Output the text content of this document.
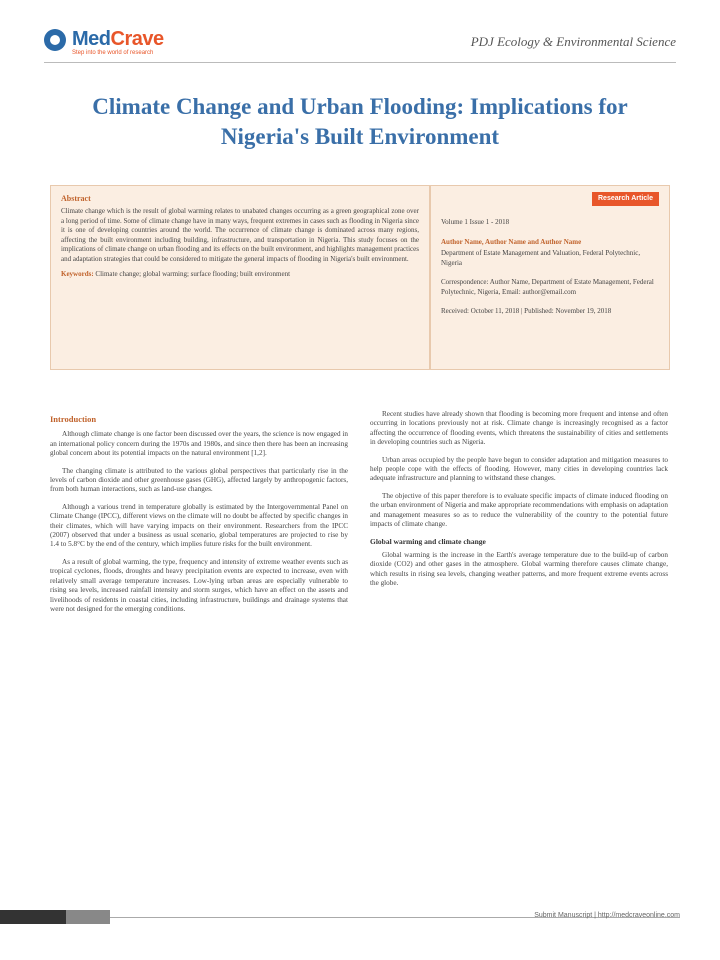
MedCrave
Step into the world of research
PDJ Ecology & Environmental Science
Climate Change and Urban Flooding: Implications for Nigeria's Built Environment
Abstract
Climate change which is the result of global warming relates to unabated changes occurring as a green geographical zone over a long period of time. Some of climate change have in many ways, frequent extremes in cases such as flooding in Nigeria since it is one of developing countries around the world. The occurrence of climate change is dominated across many regions, affecting the built environment including building, infrastructure, and transportation in Nigeria. This study focuses on the implications of climate change on urban flooding and its effects on the built environment, and highlights management practices and adaptation strategies that could be considered to mitigate the general impacts of flooding in Nigeria's built environment.
Keywords: Climate change; global warming; surface flooding; built environment
Research Article
Volume 1 Issue 1 - 2018
Author Name, Author Name and Author Name
Department of Estate Management and Valuation, Federal Polytechnic, Nigeria
Correspondence: Author Name, Department of Estate Management, Federal Polytechnic, Nigeria, Email: author@email.com
Received: October 11, 2018 | Published: November 19, 2018
Introduction

Although climate change is one factor been discussed over the years, the science is now engaged in an international policy concern during the 1970s and 1980s, and since then there has been an increasing global concern about its potential impacts on the natural environment [1,2].

The changing climate is attributed to the various global perspectives that particularly rise in the levels of carbon dioxide and other greenhouse gases (GHG), affected largely by anthropogenic factors, from both human interactions, such as land-use changes.

Although a various trend in temperature globally is estimated by the Intergovernmental Panel on Climate Change (IPCC), different views on the climate will no doubt be affected by specific changes in their climates, which will have varying impacts on their environment. Researchers from the IPCC (2007) observed that under a business as usual scenario, global temperatures are projected to rise by 1.4 to 5.8°C by the end of the century, which implies future risks for the built environment.

As a result of global warming, the type, frequency and intensity of extreme weather events such as tropical cyclones, floods, droughts and heavy precipitation events are expected to increase, even with relatively small average temperature increases. Low-lying urban areas are especially vulnerable to rising sea levels, increased rainfall intensity and storm surges, which have an effect on the assets and livelihoods of residents in coastal cities, including infrastructure, buildings and drainage systems that were not designed for the emerging conditions.

Recent studies have already shown that flooding is becoming more frequent and intense and often occurring in locations previously not at risk. Climate change is increasingly recognised as a factor affecting the occurrence of flooding events, which threatens the sustainability of cities and settlements in developing countries such as Nigeria.

Urban areas occupied by the people have begun to consider adaptation and mitigation measures to help people cope with the effects of flooding. However, many cities in developing countries lack adequate infrastructure and planning to withstand these changes.

The objective of this paper therefore is to evaluate specific impacts of climate induced flooding on the urban environment of Nigeria and make appropriate recommendations with emphasis on adaptation and management measures so as to reduce the vulnerability of the country to the potential future impacts of climate change.

Global warming and climate change

Global warming is the increase in the Earth's average temperature due to the build-up of carbon dioxide (CO2) and other gases in the atmosphere. Global warming therefore causes climate change, which results in rising sea levels, changing weather patterns, and more frequent extreme events across the globe.

Submit Manuscript | http://medcraveonline.com
